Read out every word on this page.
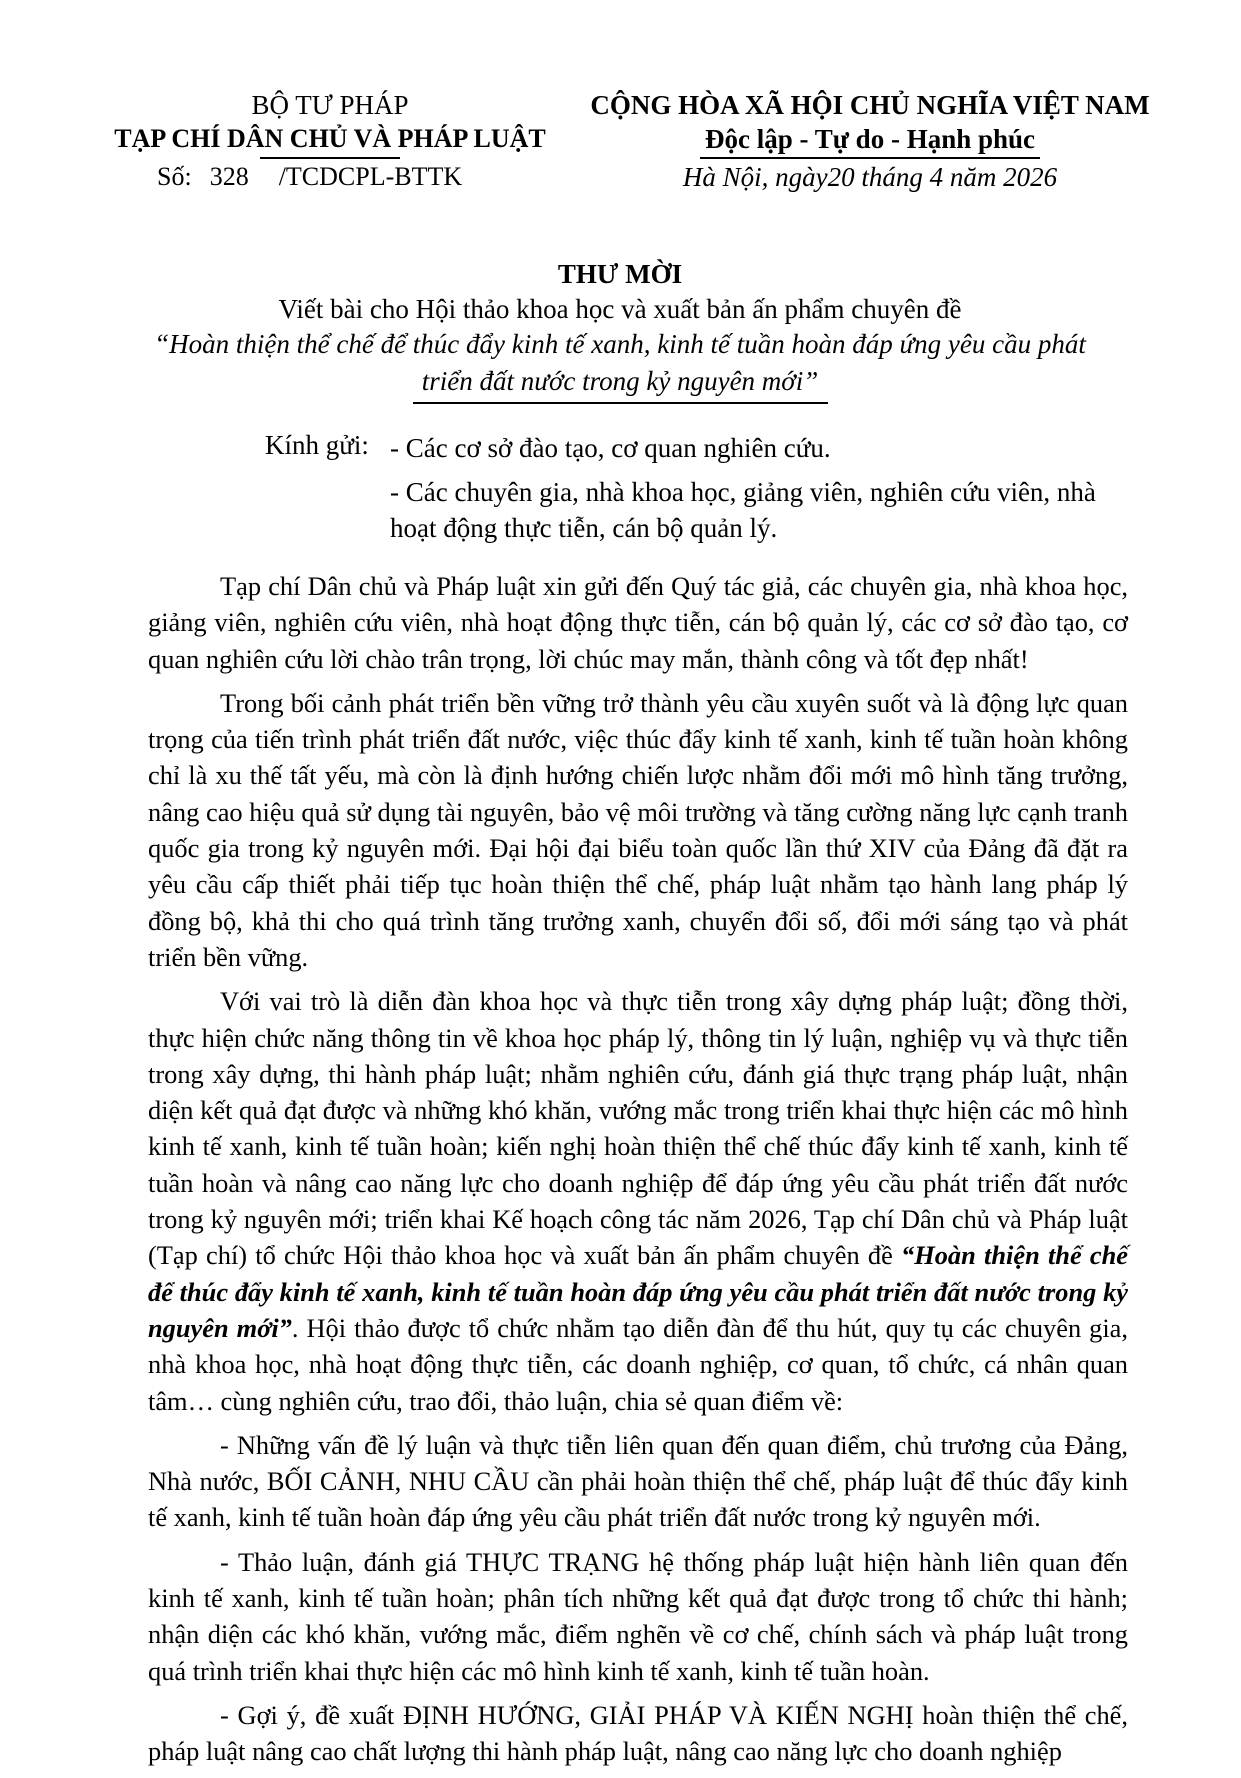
BỘ TƯ PHÁP
TẠP CHÍ DÂN CHỦ VÀ PHÁP LUẬT
Số: 328 /TCDCPL-BTTK
CỘNG HÒA XÃ HỘI CHỦ NGHĨA VIỆT NAM
Độc lập - Tự do - Hạnh phúc
Hà Nội, ngày20 tháng 4 năm 2026
THƯ MỜI
Viết bài cho Hội thảo khoa học và xuất bản ấn phẩm chuyên đề
“Hoàn thiện thể chế để thúc đẩy kinh tế xanh, kinh tế tuần hoàn đáp ứng yêu cầu phát
triển đất nước trong kỷ nguyên mới”
Kính gửi: - Các cơ sở đào tạo, cơ quan nghiên cứu.
- Các chuyên gia, nhà khoa học, giảng viên, nghiên cứu viên, nhà hoạt động thực tiễn, cán bộ quản lý.

Tạp chí Dân chủ và Pháp luật xin gửi đến Quý tác giả, các chuyên gia, nhà khoa học, giảng viên, nghiên cứu viên, nhà hoạt động thực tiễn, cán bộ quản lý, các cơ sở đào tạo, cơ quan nghiên cứu lời chào trân trọng, lời chúc may mắn, thành công và tốt đẹp nhất!

Trong bối cảnh phát triển bền vững trở thành yêu cầu xuyên suốt và là động lực quan trọng của tiến trình phát triển đất nước, việc thúc đẩy kinh tế xanh, kinh tế tuần hoàn không chỉ là xu thế tất yếu, mà còn là định hướng chiến lược nhằm đổi mới mô hình tăng trưởng, nâng cao hiệu quả sử dụng tài nguyên, bảo vệ môi trường và tăng cường năng lực cạnh tranh quốc gia trong kỷ nguyên mới. Đại hội đại biểu toàn quốc lần thứ XIV của Đảng đã đặt ra yêu cầu cấp thiết phải tiếp tục hoàn thiện thể chế, pháp luật nhằm tạo hành lang pháp lý đồng bộ, khả thi cho quá trình tăng trưởng xanh, chuyển đổi số, đổi mới sáng tạo và phát triển bền vững.

Với vai trò là diễn đàn khoa học và thực tiễn trong xây dựng pháp luật; đồng thời, thực hiện chức năng thông tin về khoa học pháp lý, thông tin lý luận, nghiệp vụ và thực tiễn trong xây dựng, thi hành pháp luật; nhằm nghiên cứu, đánh giá thực trạng pháp luật, nhận diện kết quả đạt được và những khó khăn, vướng mắc trong triển khai thực hiện các mô hình kinh tế xanh, kinh tế tuần hoàn; kiến nghị hoàn thiện thể chế thúc đẩy kinh tế xanh, kinh tế tuần hoàn và nâng cao năng lực cho doanh nghiệp để đáp ứng yêu cầu phát triển đất nước trong kỷ nguyên mới; triển khai Kế hoạch công tác năm 2026, Tạp chí Dân chủ và Pháp luật (Tạp chí) tổ chức Hội thảo khoa học và xuất bản ấn phẩm chuyên đề “Hoàn thiện thể chế để thúc đẩy kinh tế xanh, kinh tế tuần hoàn đáp ứng yêu cầu phát triển đất nước trong kỷ nguyên mới”. Hội thảo được tổ chức nhằm tạo diễn đàn để thu hút, quy tụ các chuyên gia, nhà khoa học, nhà hoạt động thực tiễn, các doanh nghiệp, cơ quan, tổ chức, cá nhân quan tâm… cùng nghiên cứu, trao đổi, thảo luận, chia sẻ quan điểm về:

- Những vấn đề lý luận và thực tiễn liên quan đến quan điểm, chủ trương của Đảng, Nhà nước, BỐI CẢNH, NHU CẦU cần phải hoàn thiện thể chế, pháp luật để thúc đẩy kinh tế xanh, kinh tế tuần hoàn đáp ứng yêu cầu phát triển đất nước trong kỷ nguyên mới.

- Thảo luận, đánh giá THỰC TRẠNG hệ thống pháp luật hiện hành liên quan đến kinh tế xanh, kinh tế tuần hoàn; phân tích những kết quả đạt được trong tổ chức thi hành; nhận diện các khó khăn, vướng mắc, điểm nghẽn về cơ chế, chính sách và pháp luật trong quá trình triển khai thực hiện các mô hình kinh tế xanh, kinh tế tuần hoàn.

- Gợi ý, đề xuất ĐỊNH HƯỚNG, GIẢI PHÁP VÀ KIẾN NGHỊ hoàn thiện thể chế, pháp luật nâng cao chất lượng thi hành pháp luật, nâng cao năng lực cho doanh nghiệp
